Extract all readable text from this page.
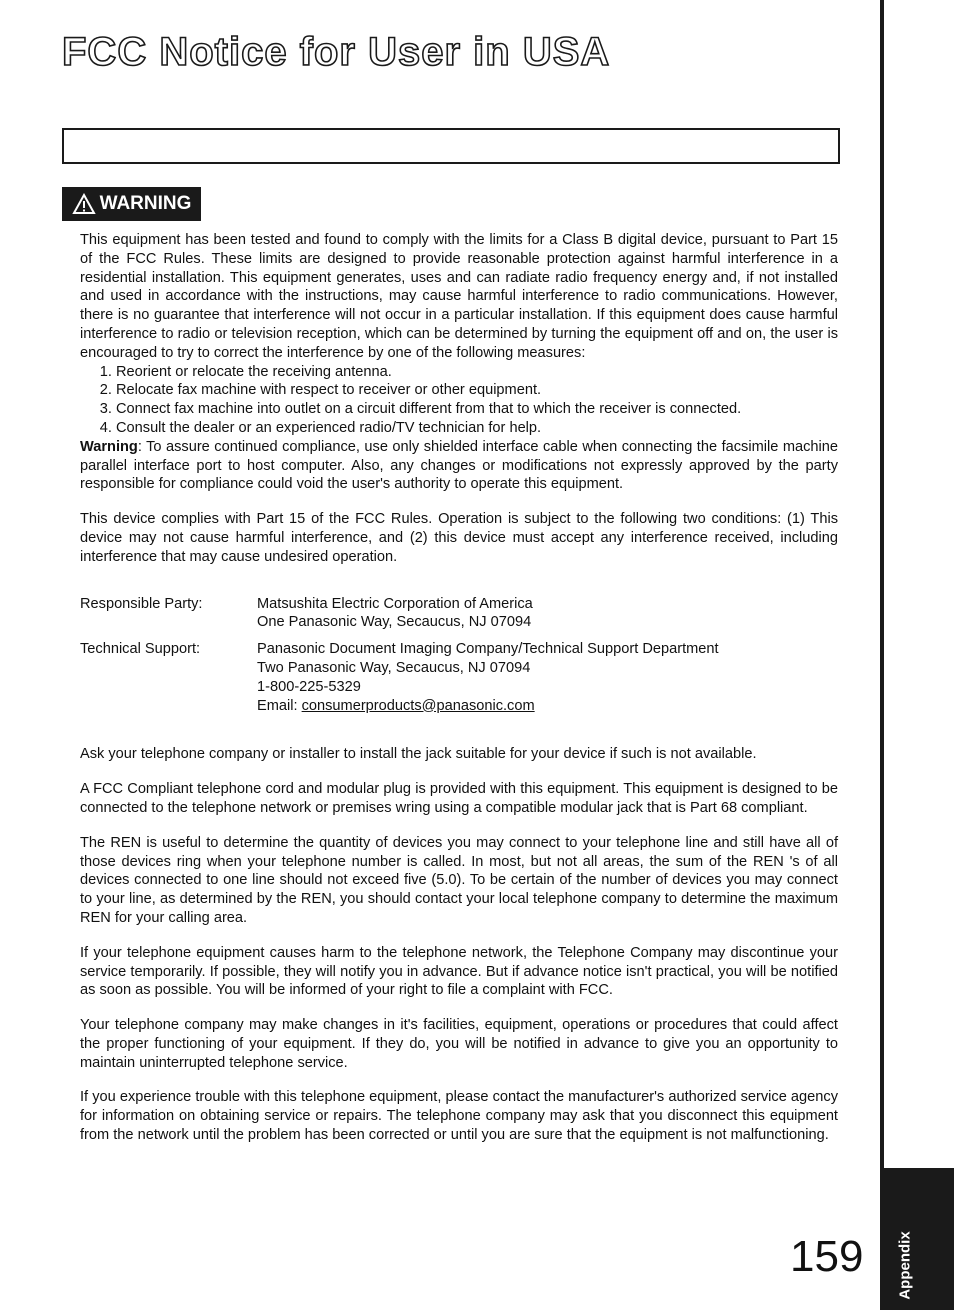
FCC Notice for User in USA
WARNING

This equipment has been tested and found to comply with the limits for a Class B digital device, pursuant to Part 15 of the FCC Rules. These limits are designed to provide reasonable protection against harmful interference in a residential installation. This equipment generates, uses and can radiate radio frequency energy and, if not installed and used in accordance with the instructions, may cause harmful interference to radio communications. However, there is no guarantee that interference will not occur in a particular installation. If this equipment does cause harmful interference to radio or television reception, which can be determined by turning the equipment off and on, the user is encouraged to try to correct the interference by one of the following measures:

1. Reorient or relocate the receiving antenna.
2. Relocate fax machine with respect to receiver or other equipment.
3. Connect fax machine into outlet on a circuit different from that to which the receiver is connected.
4. Consult the dealer or an experienced radio/TV technician for help.

Warning: To assure continued compliance, use only shielded interface cable when connecting the facsimile machine parallel interface port to host computer. Also, any changes or modifications not expressly approved by the party responsible for compliance could void the user's authority to operate this equipment.

This device complies with Part 15 of the FCC Rules. Operation is subject to the following two conditions: (1) This device may not cause harmful interference, and (2) this device must accept any interference received, including interference that may cause undesired operation.

Responsible Party:	Matsushita Electric Corporation of America
One Panasonic Way, Secaucus, NJ 07094

Technical Support:	Panasonic Document Imaging Company/Technical Support Department
Two Panasonic Way, Secaucus, NJ 07094
1-800-225-5329
Email: consumerproducts@panasonic.com

Ask your telephone company or installer to install the jack suitable for your device if such is not available.

A FCC Compliant telephone cord and modular plug is provided with this equipment. This equipment is designed to be connected to the telephone network or premises wring using a compatible modular jack that is Part 68 compliant.

The REN is useful to determine the quantity of devices you may connect to your telephone line and still have all of those devices ring when your telephone number is called. In most, but not all areas, the sum of the REN 's of all devices connected to one line should not exceed five (5.0). To be certain of the number of devices you may connect to your line, as determined by the REN, you should contact your local telephone company to determine the maximum REN for your calling area.

If your telephone equipment causes harm to the telephone network, the Telephone Company may discontinue your service temporarily. If possible, they will notify you in advance. But if advance notice isn't practical, you will be notified as soon as possible. You will be informed of your right to file a complaint with FCC.

Your telephone company may make changes in it's facilities, equipment, operations or procedures that could affect the proper functioning of your equipment. If they do, you will be notified in advance to give you an opportunity to maintain uninterrupted telephone service.

If you experience trouble with this telephone equipment, please contact the manufacturer's authorized service agency for information on obtaining service or repairs. The telephone company may ask that you disconnect this equipment from the network until the problem has been corrected or until you are sure that the equipment is not malfunctioning.

Appendix
159
